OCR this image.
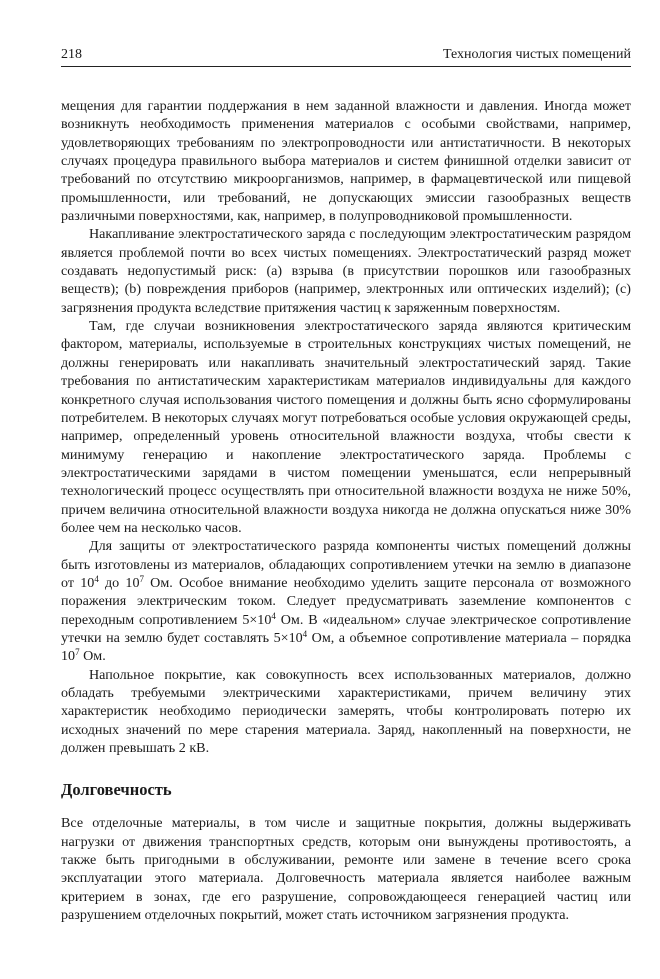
218	Технология чистых помещений

мещения для гарантии поддержания в нем заданной влажности и давления. Иногда может возникнуть необходимость применения материалов с особыми свойствами, например, удовлетворяющих требованиям по электропроводности или антистатичности. В некоторых случаях процедура правильного выбора материалов и систем финишной отделки зависит от требований по отсутствию микроорганизмов, например, в фармацевтической или пищевой промышленности, или требований, не допускающих эмиссии газообразных веществ различными поверхностями, как, например, в полупроводниковой промышленности.

Накапливание электростатического заряда с последующим электростатическим разрядом является проблемой почти во всех чистых помещениях. Электростатический разряд может создавать недопустимый риск: (a) взрыва (в присутствии порошков или газообразных веществ); (b) повреждения приборов (например, электронных или оптических изделий); (c) загрязнения продукта вследствие притяжения частиц к заряженным поверхностям.

Там, где случаи возникновения электростатического заряда являются критическим фактором, материалы, используемые в строительных конструкциях чистых помещений, не должны генерировать или накапливать значительный электростатический заряд. Такие требования по антистатическим характеристикам материалов индивидуальны для каждого конкретного случая использования чистого помещения и должны быть ясно сформулированы потребителем. В некоторых случаях могут потребоваться особые условия окружающей среды, например, определенный уровень относительной влажности воздуха, чтобы свести к минимуму генерацию и накопление электростатического заряда. Проблемы с электростатическими зарядами в чистом помещении уменьшатся, если непрерывный технологический процесс осуществлять при относительной влажности воздуха не ниже 50%, причем величина относительной влажности воздуха никогда не должна опускаться ниже 30% более чем на несколько часов.

Для защиты от электростатического разряда компоненты чистых помещений должны быть изготовлены из материалов, обладающих сопротивлением утечки на землю в диапазоне от $10^4$ до $10^7$ Ом. Особое внимание необходимо уделить защите персонала от возможного поражения электрическим током. Следует предусматривать заземление компонентов с переходным сопротивлением $5\times 10^4$ Ом. В «идеальном» случае электрическое сопротивление утечки на землю будет составлять $5\times 10^4$ Ом, а объемное сопротивление материала – порядка $10^7$ Ом.

Напольное покрытие, как совокупность всех использованных материалов, должно обладать требуемыми электрическими характеристиками, причем величину этих характеристик необходимо периодически замерять, чтобы контролировать потерю их исходных значений по мере старения материала. Заряд, накопленный на поверхности, не должен превышать 2 кВ.

Долговечность

Все отделочные материалы, в том числе и защитные покрытия, должны выдерживать нагрузки от движения транспортных средств, которым они вынуждены противостоять, а также быть пригодными в обслуживании, ремонте или замене в течение всего срока эксплуатации этого материала. Долговечность материала является наиболее важным критерием в зонах, где его разрушение, сопровождающееся генерацией частиц или разрушением отделочных покрытий, может стать источником загрязнения продукта.
